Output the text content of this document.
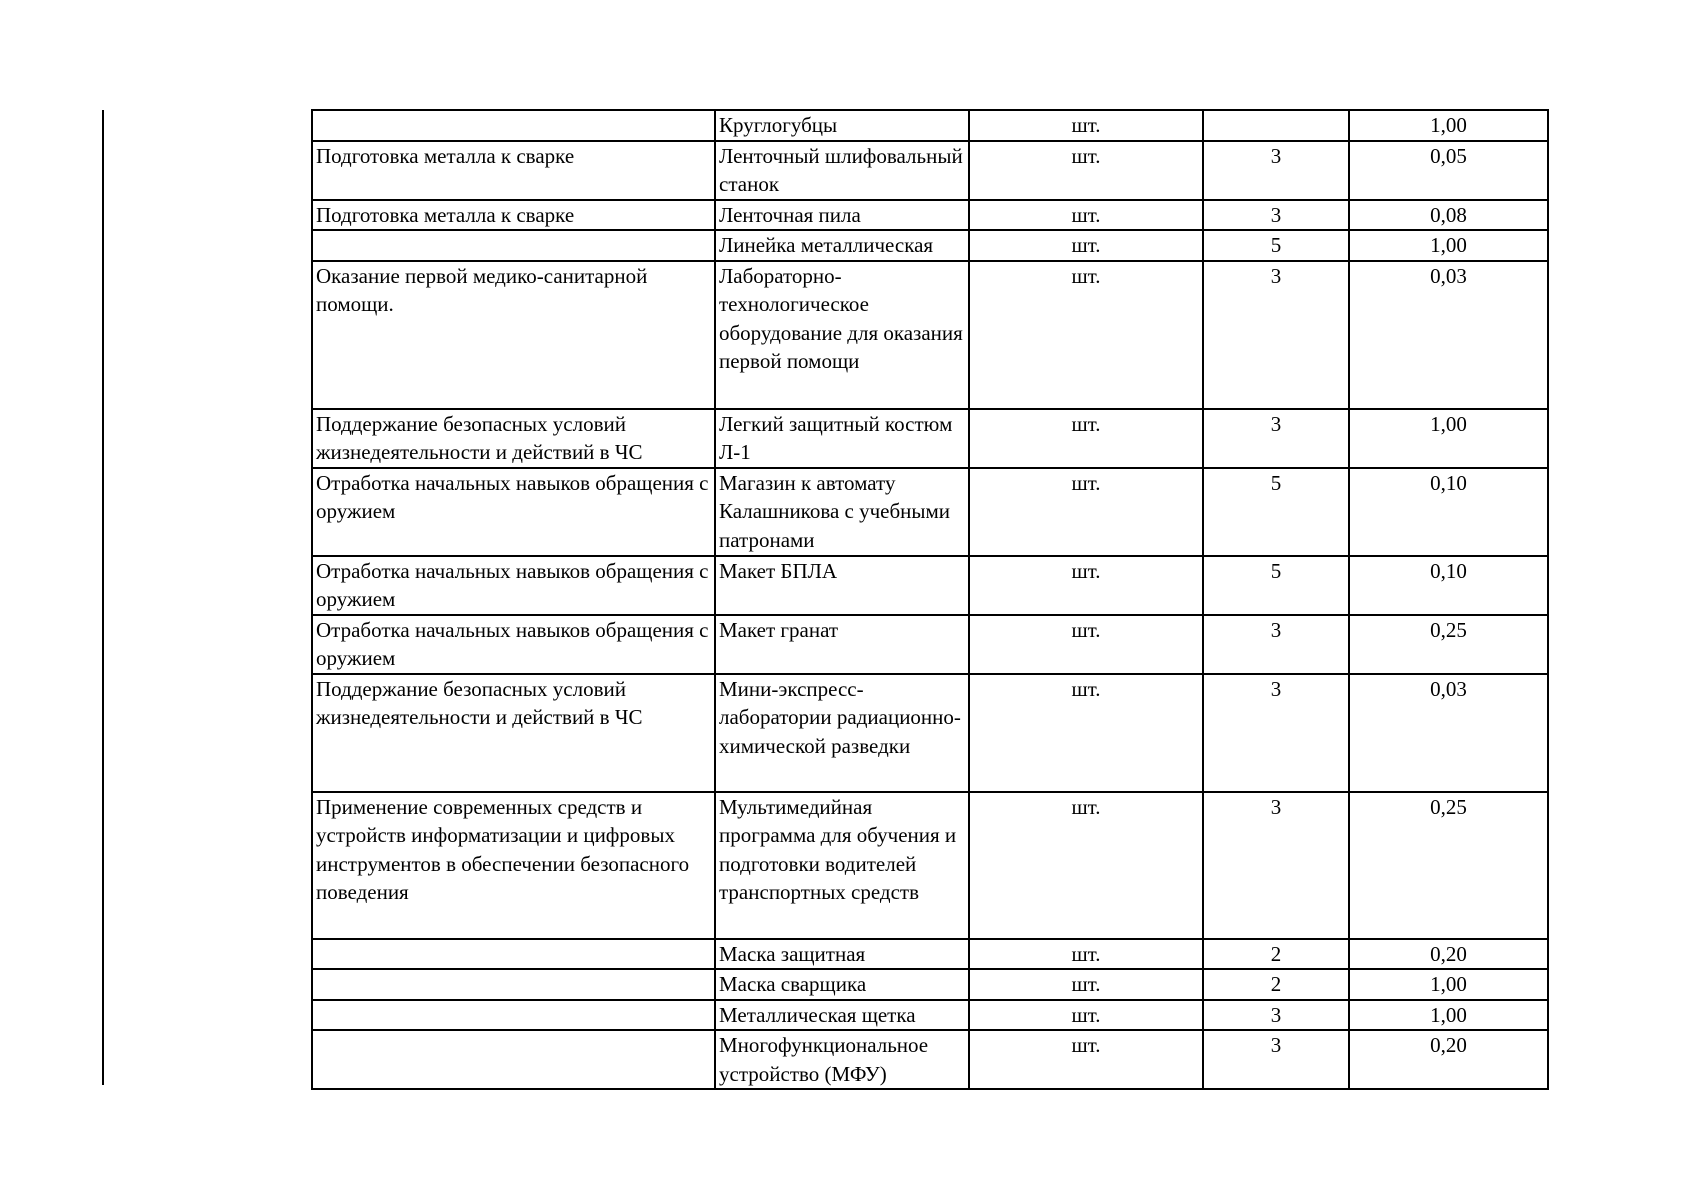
	Круглогубцы	шт.		1,00
Подготовка металла к сварке	Ленточный шлифовальный станок	шт.	3	0,05
Подготовка металла к сварке	Ленточная пила	шт.	3	0,08
	Линейка металлическая	шт.	5	1,00
Оказание первой медико-санитарной помощи.	Лабораторно-технологическое оборудование для оказания первой помощи	шт.	3	0,03
Поддержание безопасных условий жизнедеятельности и действий в ЧС	Легкий защитный костюм Л-1	шт.	3	1,00
Отработка начальных навыков обращения с оружием	Магазин к автомату Калашникова с учебными патронами	шт.	5	0,10
Отработка начальных навыков обращения с оружием	Макет БПЛА	шт.	5	0,10
Отработка начальных навыков обращения с оружием	Макет гранат	шт.	3	0,25
Поддержание безопасных условий жизнедеятельности и действий в ЧС	Мини-экспресс-лаборатории радиационно-химической разведки	шт.	3	0,03
Применение современных средств и устройств информатизации и цифровых инструментов в обеспечении безопасного поведения	Мультимедийная программа для обучения и подготовки водителей транспортных средств	шт.	3	0,25
	Маска защитная	шт.	2	0,20
	Маска сварщика	шт.	2	1,00
	Металлическая щетка	шт.	3	1,00
	Многофункциональное устройство (МФУ)	шт.	3	0,20
